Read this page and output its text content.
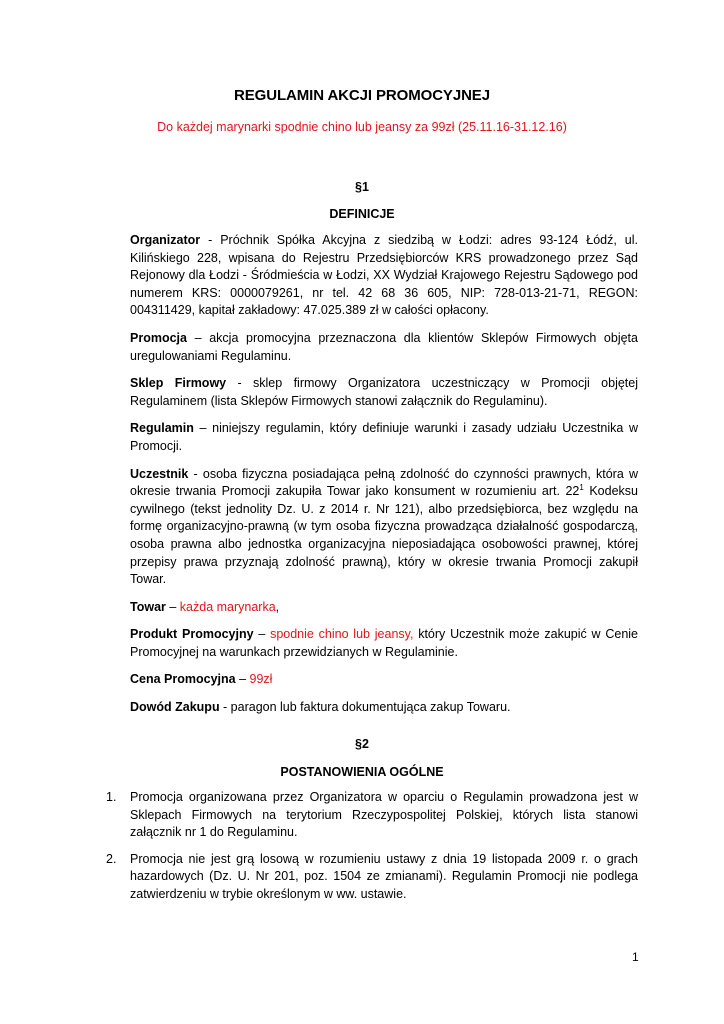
REGULAMIN AKCJI PROMOCYJNEJ
Do każdej marynarki spodnie chino lub jeansy za 99zł (25.11.16-31.12.16)
§1
DEFINICJE

Organizator - Próchnik Spółka Akcyjna z siedzibą w Łodzi: adres 93-124 Łódź, ul. Kilińskiego 228, wpisana do Rejestru Przedsiębiorców KRS prowadzonego przez Sąd Rejonowy dla Łodzi - Śródmieścia w Łodzi, XX Wydział Krajowego Rejestru Sądowego pod numerem KRS: 0000079261, nr tel. 42 68 36 605, NIP: 728-013-21-71, REGON: 004311429, kapitał zakładowy: 47.025.389 zł w całości opłacony.

Promocja – akcja promocyjna przeznaczona dla klientów Sklepów Firmowych objęta uregulowaniami Regulaminu.

Sklep Firmowy - sklep firmowy Organizatora uczestniczący w Promocji objętej Regulaminem (lista Sklepów Firmowych stanowi załącznik do Regulaminu).

Regulamin – niniejszy regulamin, który definiuje warunki i zasady udziału Uczestnika w Promocji.

Uczestnik - osoba fizyczna posiadająca pełną zdolność do czynności prawnych, która w okresie trwania Promocji zakupiła Towar jako konsument w rozumieniu art. $22^1$ Kodeksu cywilnego (tekst jednolity Dz. U. z 2014 r. Nr 121), albo przedsiębiorca, bez względu na formę organizacyjno-prawną (w tym osoba fizyczna prowadząca działalność gospodarczą, osoba prawna albo jednostka organizacyjna nieposiadająca osobowości prawnej, której przepisy prawa przyznają zdolność prawną), który w okresie trwania Promocji zakupił Towar.

Towar – każda marynarka,

Produkt Promocyjny – spodnie chino lub jeansy, który Uczestnik może zakupić w Cenie Promocyjnej na warunkach przewidzianych w Regulaminie.

Cena Promocyjna – 99zł

Dowód Zakupu - paragon lub faktura dokumentująca zakup Towaru.

§2
POSTANOWIENIA OGÓLNE
1.	Promocja organizowana przez Organizatora w oparciu o Regulamin prowadzona jest w Sklepach Firmowych na terytorium Rzeczypospolitej Polskiej, których lista stanowi załącznik nr 1 do Regulaminu.
2.	Promocja nie jest grą losową w rozumieniu ustawy z dnia 19 listopada 2009 r. o grach hazardowych (Dz. U. Nr 201, poz. 1504 ze zmianami). Regulamin Promocji nie podlega zatwierdzeniu w trybie określonym w ww. ustawie.
1
